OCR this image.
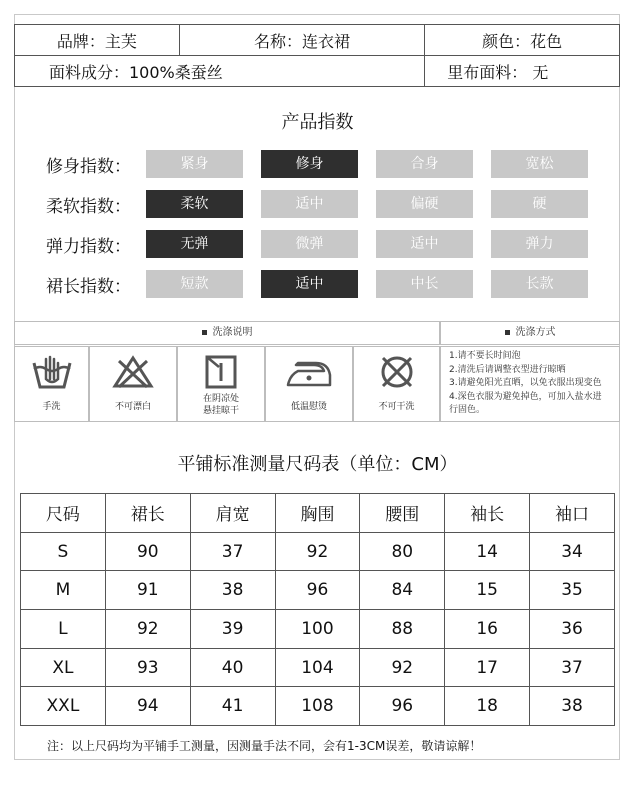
品牌：主芙	名称：连衣裙	颜色：花色
面料成分：100%桑蚕丝		里布面料： 无
产品指数
修身指数：	紧身	修身	合身	宽松
柔软指数：	柔软	适中	偏硬	硬
弹力指数：	无弹	微弹	适中	弹力
裙长指数：	短款	适中	中长	长款
洗涤说明	洗涤方式
手洗	不可漂白
在阴凉处
悬挂晾干	低温慰烫	不可干洗
1.请不要长时间泡
2.清洗后请调整衣型进行晾晒
3.请避免阳光直晒，以免衣服出现变色
4.深色衣服为避免掉色，可加入盐水进
行固色。
平铺标准测量尺码表（单位：CM）
尺码	裙长	肩宽	胸围	腰围	袖长	袖口
S	90	37	92	80	14	34
M	91	38	96	84	15	35
L	92	39	100	88	16	36
XL	93	40	104	92	17	37
XXL	94	41	108	96	18	38
注：以上尺码均为平铺手工测量，因测量手法不同，会有1-3CM误差，敬请谅解！
